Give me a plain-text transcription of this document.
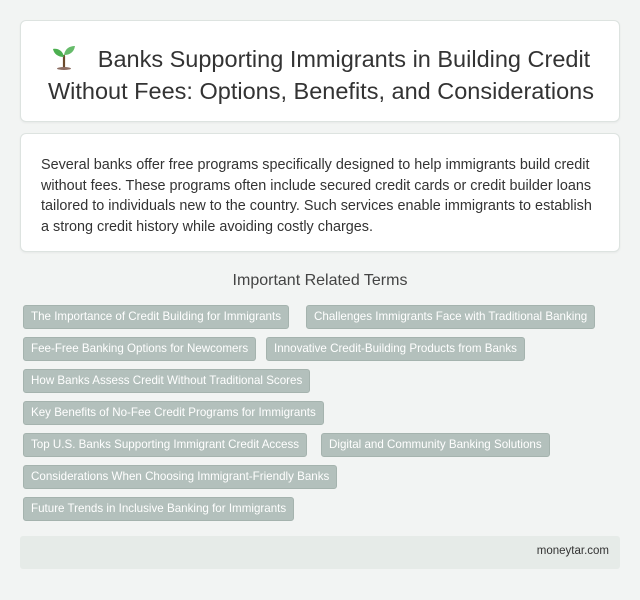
Banks Supporting Immigrants in Building Credit Without Fees: Options, Benefits, and Considerations

Several banks offer free programs specifically designed to help immigrants build credit without fees. These programs often include secured credit cards or credit builder loans tailored to individuals new to the country. Such services enable immigrants to establish a strong credit history while avoiding costly charges.

Important Related Terms
The Importance of Credit Building for Immigrants	Challenges Immigrants Face with Traditional Banking
Fee-Free Banking Options for Newcomers	Innovative Credit-Building Products from Banks
How Banks Assess Credit Without Traditional Scores
Key Benefits of No-Fee Credit Programs for Immigrants
Top U.S. Banks Supporting Immigrant Credit Access	Digital and Community Banking Solutions
Considerations When Choosing Immigrant-Friendly Banks
Future Trends in Inclusive Banking for Immigrants
moneytar.com
